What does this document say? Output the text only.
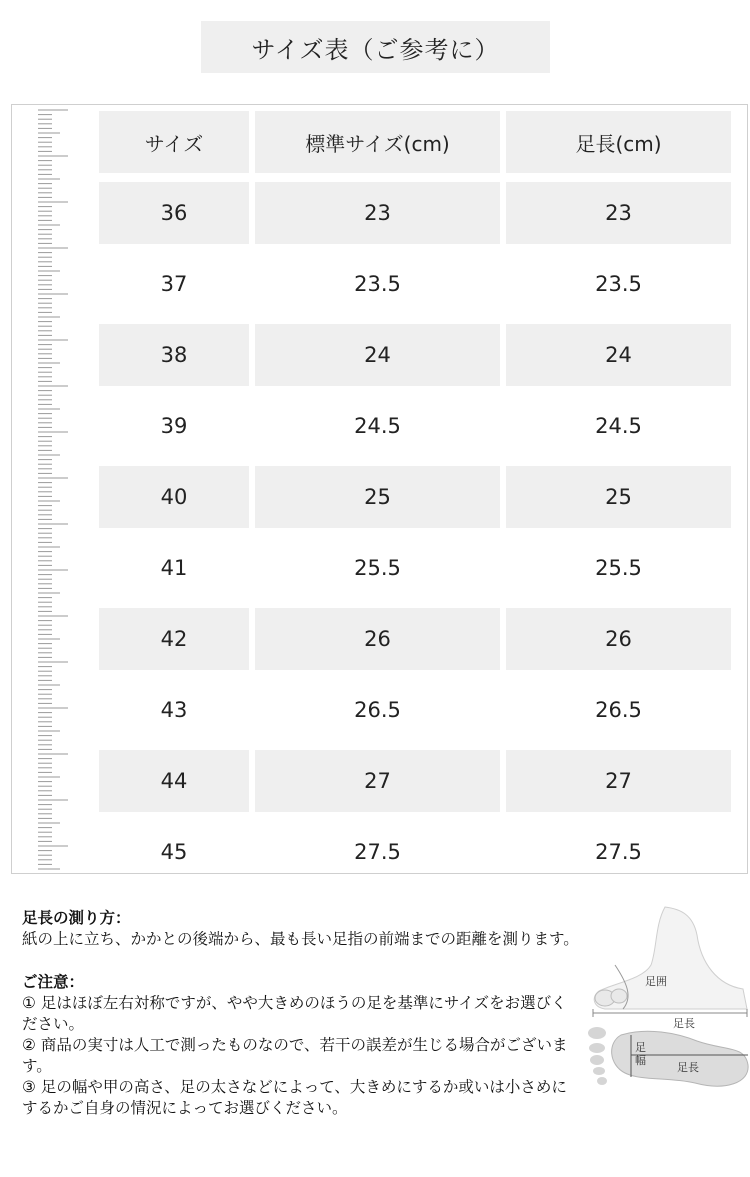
サイズ表（ご参考に）
サイズ	標準サイズ(cm)	足長(cm)
36	23	23
37	23.5	23.5
38	24	24
39	24.5	24.5
40	25	25
41	25.5	25.5
42	26	26
43	26.5	26.5
44	27	27
45	27.5	27.5
足長の測り方：
紙の上に立ち、かかとの後端から、最も長い足指の前端までの距離を測ります。
ご注意：
① 足はほぼ左右対称ですが、やや大きめのほうの足を基準にサイズをお選びください。
② 商品の実寸は人工で測ったものなので、若干の誤差が生じる場合がございます。
③ 足の幅や甲の高さ、足の太さなどによって、大きめにするか或いは小さめにするかご自身の情況によってお選びください。
足囲
足長
足幅
足長
